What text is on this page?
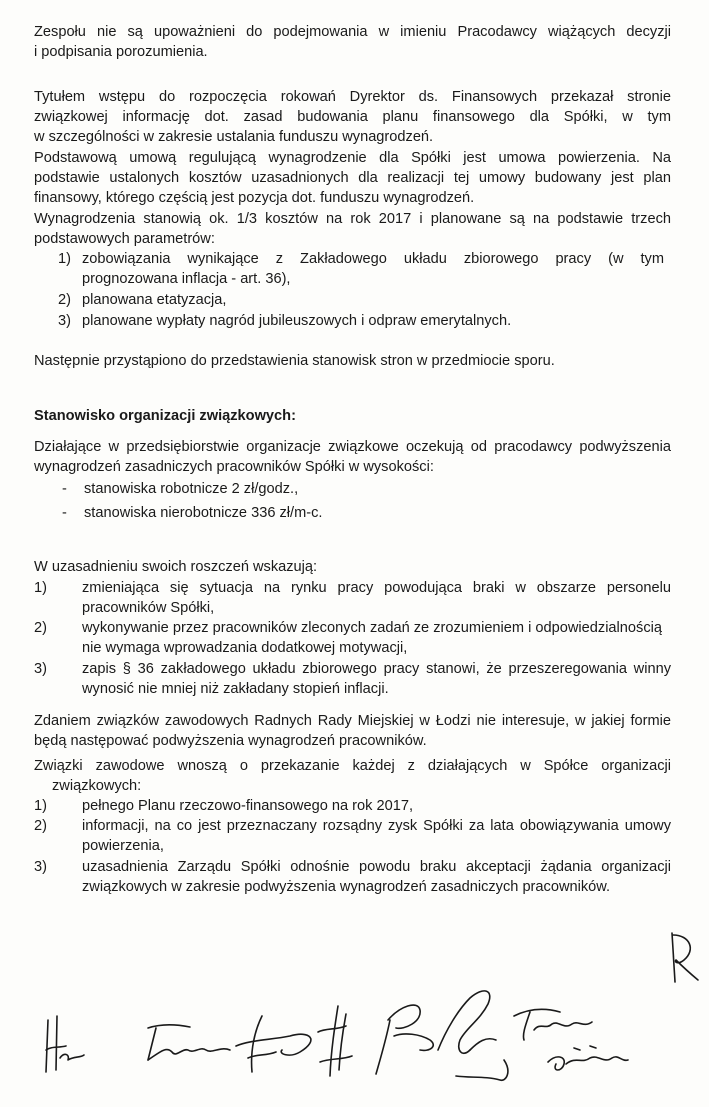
Zespołu nie są upoważnieni do podejmowania w imieniu Pracodawcy wiążących decyzji
i podpisania porozumienia.
Tytułem wstępu do rozpoczęcia rokowań Dyrektor ds. Finansowych przekazał stronie
związkowej informację dot. zasad budowania planu finansowego dla Spółki, w tym
w szczególności w zakresie ustalania funduszu wynagrodzeń.
Podstawową umową regulującą wynagrodzenie dla Spółki jest umowa powierzenia. Na
podstawie ustalonych kosztów uzasadnionych dla realizacji tej umowy budowany jest plan
finansowy, którego częścią jest pozycja dot. funduszu wynagrodzeń.
Wynagrodzenia stanowią ok. 1/3 kosztów na rok 2017 i planowane są na podstawie trzech
podstawowych parametrów:
1) zobowiązania wynikające z Zakładowego układu zbiorowego pracy (w tym
prognozowana inflacja - art. 36),
2) planowana etatyzacja,
3) planowane wypłaty nagród jubileuszowych i odpraw emerytalnych.
Następnie przystąpiono do przedstawienia stanowisk stron w przedmiocie sporu.
Stanowisko organizacji związkowych:
Działające w przedsiębiorstwie organizacje związkowe oczekują od pracodawcy podwyższenia
wynagrodzeń zasadniczych pracowników Spółki w wysokości:
- stanowiska robotnicze 2 zł/godz.,
- stanowiska nierobotnicze 336 zł/m-c.
W uzasadnieniu swoich roszczeń wskazują:
1) zmieniająca się sytuacja na rynku pracy powodująca braki w obszarze personelu
pracowników Spółki,
2) wykonywanie przez pracowników zleconych zadań ze zrozumieniem i odpowiedzialnością
nie wymaga wprowadzania dodatkowej motywacji,
3) zapis § 36 zakładowego układu zbiorowego pracy stanowi, że przeszeregowania winny
wynosić nie mniej niż zakładany stopień inflacji.
Zdaniem związków zawodowych Radnych Rady Miejskiej w Łodzi nie interesuje, w jakiej formie
będą następować podwyższenia wynagrodzeń pracowników.
Związki zawodowe wnoszą o przekazanie każdej z działających w Spółce organizacji
związkowych:
1) pełnego Planu rzeczowo-finansowego na rok 2017,
2) informacji, na co jest przeznaczany rozsądny zysk Spółki za lata obowiązywania umowy
powierzenia,
3) uzasadnienia Zarządu Spółki odnośnie powodu braku akceptacji żądania organizacji
związkowych w zakresie podwyższenia wynagrodzeń zasadniczych pracowników.
